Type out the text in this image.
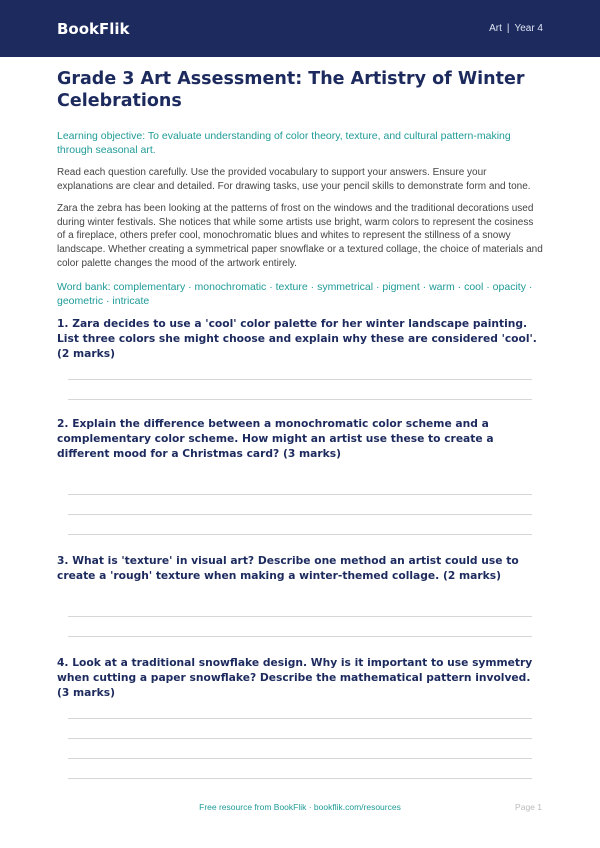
BookFlik	Art | Year 4
Grade 3 Art Assessment: The Artistry of Winter Celebrations

Learning objective: To evaluate understanding of color theory, texture, and cultural pattern-making through seasonal art.

Read each question carefully. Use the provided vocabulary to support your answers. Ensure your explanations are clear and detailed. For drawing tasks, use your pencil skills to demonstrate form and tone.

Zara the zebra has been looking at the patterns of frost on the windows and the traditional decorations used during winter festivals. She notices that while some artists use bright, warm colors to represent the cosiness of a fireplace, others prefer cool, monochromatic blues and whites to represent the stillness of a snowy landscape. Whether creating a symmetrical paper snowflake or a textured collage, the choice of materials and color palette changes the mood of the artwork entirely.

Word bank: complementary · monochromatic · texture · symmetrical · pigment · warm · cool · opacity · geometric · intricate

1. Zara decides to use a 'cool' color palette for her winter landscape painting. List three colors she might choose and explain why these are considered 'cool'. (2 marks)
2. Explain the difference between a monochromatic color scheme and a complementary color scheme. How might an artist use these to create a different mood for a Christmas card? (3 marks)
3. What is 'texture' in visual art? Describe one method an artist could use to create a 'rough' texture when making a winter-themed collage. (2 marks)
4. Look at a traditional snowflake design. Why is it important to use symmetry when cutting a paper snowflake? Describe the mathematical pattern involved. (3 marks)
Free resource from BookFlik · bookflik.com/resources	Page 1
